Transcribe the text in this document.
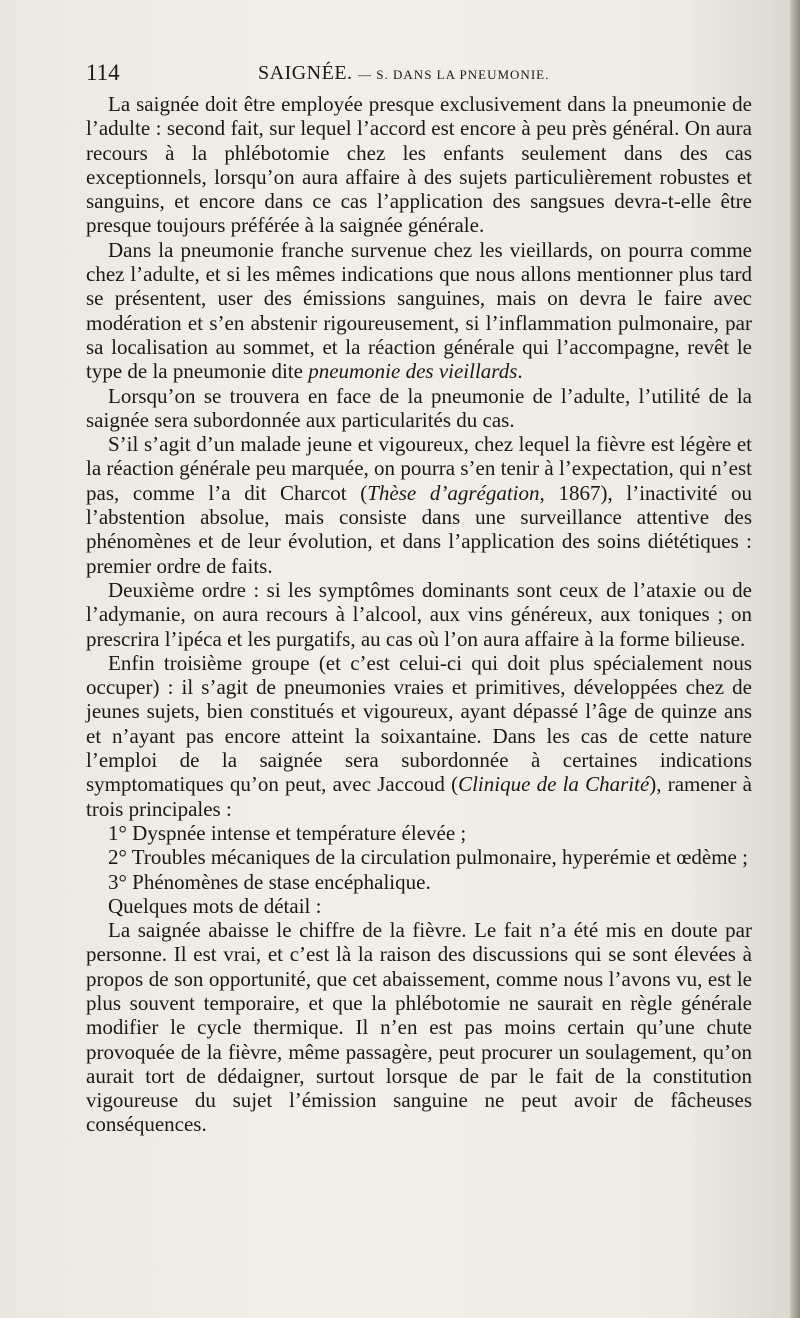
114	SAIGNÉE. — S. DANS LA PNEUMONIE.

La saignée doit être employée presque exclusivement dans la pneumonie de l’adulte : second fait, sur lequel l’accord est encore à peu près général. On aura recours à la phlébotomie chez les enfants seulement dans des cas exceptionnels, lorsqu’on aura affaire à des sujets particulièrement robustes et sanguins, et encore dans ce cas l’application des sangsues devra-t-elle être presque toujours préférée à la saignée générale.

Dans la pneumonie franche survenue chez les vieillards, on pourra comme chez l’adulte, et si les mêmes indications que nous allons mentionner plus tard se présentent, user des émissions sanguines, mais on devra le faire avec modération et s’en abstenir rigoureusement, si l’inflammation pulmonaire, par sa localisation au sommet, et la réaction générale qui l’accompagne, revêt le type de la pneumonie dite pneumonie des vieillards.

Lorsqu’on se trouvera en face de la pneumonie de l’adulte, l’utilité de la saignée sera subordonnée aux particularités du cas.

S’il s’agit d’un malade jeune et vigoureux, chez lequel la fièvre est légère et la réaction générale peu marquée, on pourra s’en tenir à l’expectation, qui n’est pas, comme l’a dit Charcot (Thèse d’agrégation, 1867), l’inactivité ou l’abstention absolue, mais consiste dans une surveillance attentive des phénomènes et de leur évolution, et dans l’application des soins diététiques : premier ordre de faits.

Deuxième ordre : si les symptômes dominants sont ceux de l’ataxie ou de l’adymanie, on aura recours à l’alcool, aux vins généreux, aux toniques ; on prescrira l’ipéca et les purgatifs, au cas où l’on aura affaire à la forme bilieuse.

Enfin troisième groupe (et c’est celui-ci qui doit plus spécialement nous occuper) : il s’agit de pneumonies vraies et primitives, développées chez de jeunes sujets, bien constitués et vigoureux, ayant dépassé l’âge de quinze ans et n’ayant pas encore atteint la soixantaine. Dans les cas de cette nature l’emploi de la saignée sera subordonnée à certaines indications symptomatiques qu’on peut, avec Jaccoud (Clinique de la Charité), ramener à trois principales :

1° Dyspnée intense et température élevée ;

2° Troubles mécaniques de la circulation pulmonaire, hyperémie et œdème ;

3° Phénomènes de stase encéphalique.

Quelques mots de détail :

La saignée abaisse le chiffre de la fièvre. Le fait n’a été mis en doute par personne. Il est vrai, et c’est là la raison des discussions qui se sont élevées à propos de son opportunité, que cet abaissement, comme nous l’avons vu, est le plus souvent temporaire, et que la phlébotomie ne saurait en règle générale modifier le cycle thermique. Il n’en est pas moins certain qu’une chute provoquée de la fièvre, même passagère, peut procurer un soulagement, qu’on aurait tort de dédaigner, surtout lorsque de par le fait de la constitution vigoureuse du sujet l’émission sanguine ne peut avoir de fâcheuses conséquences.
